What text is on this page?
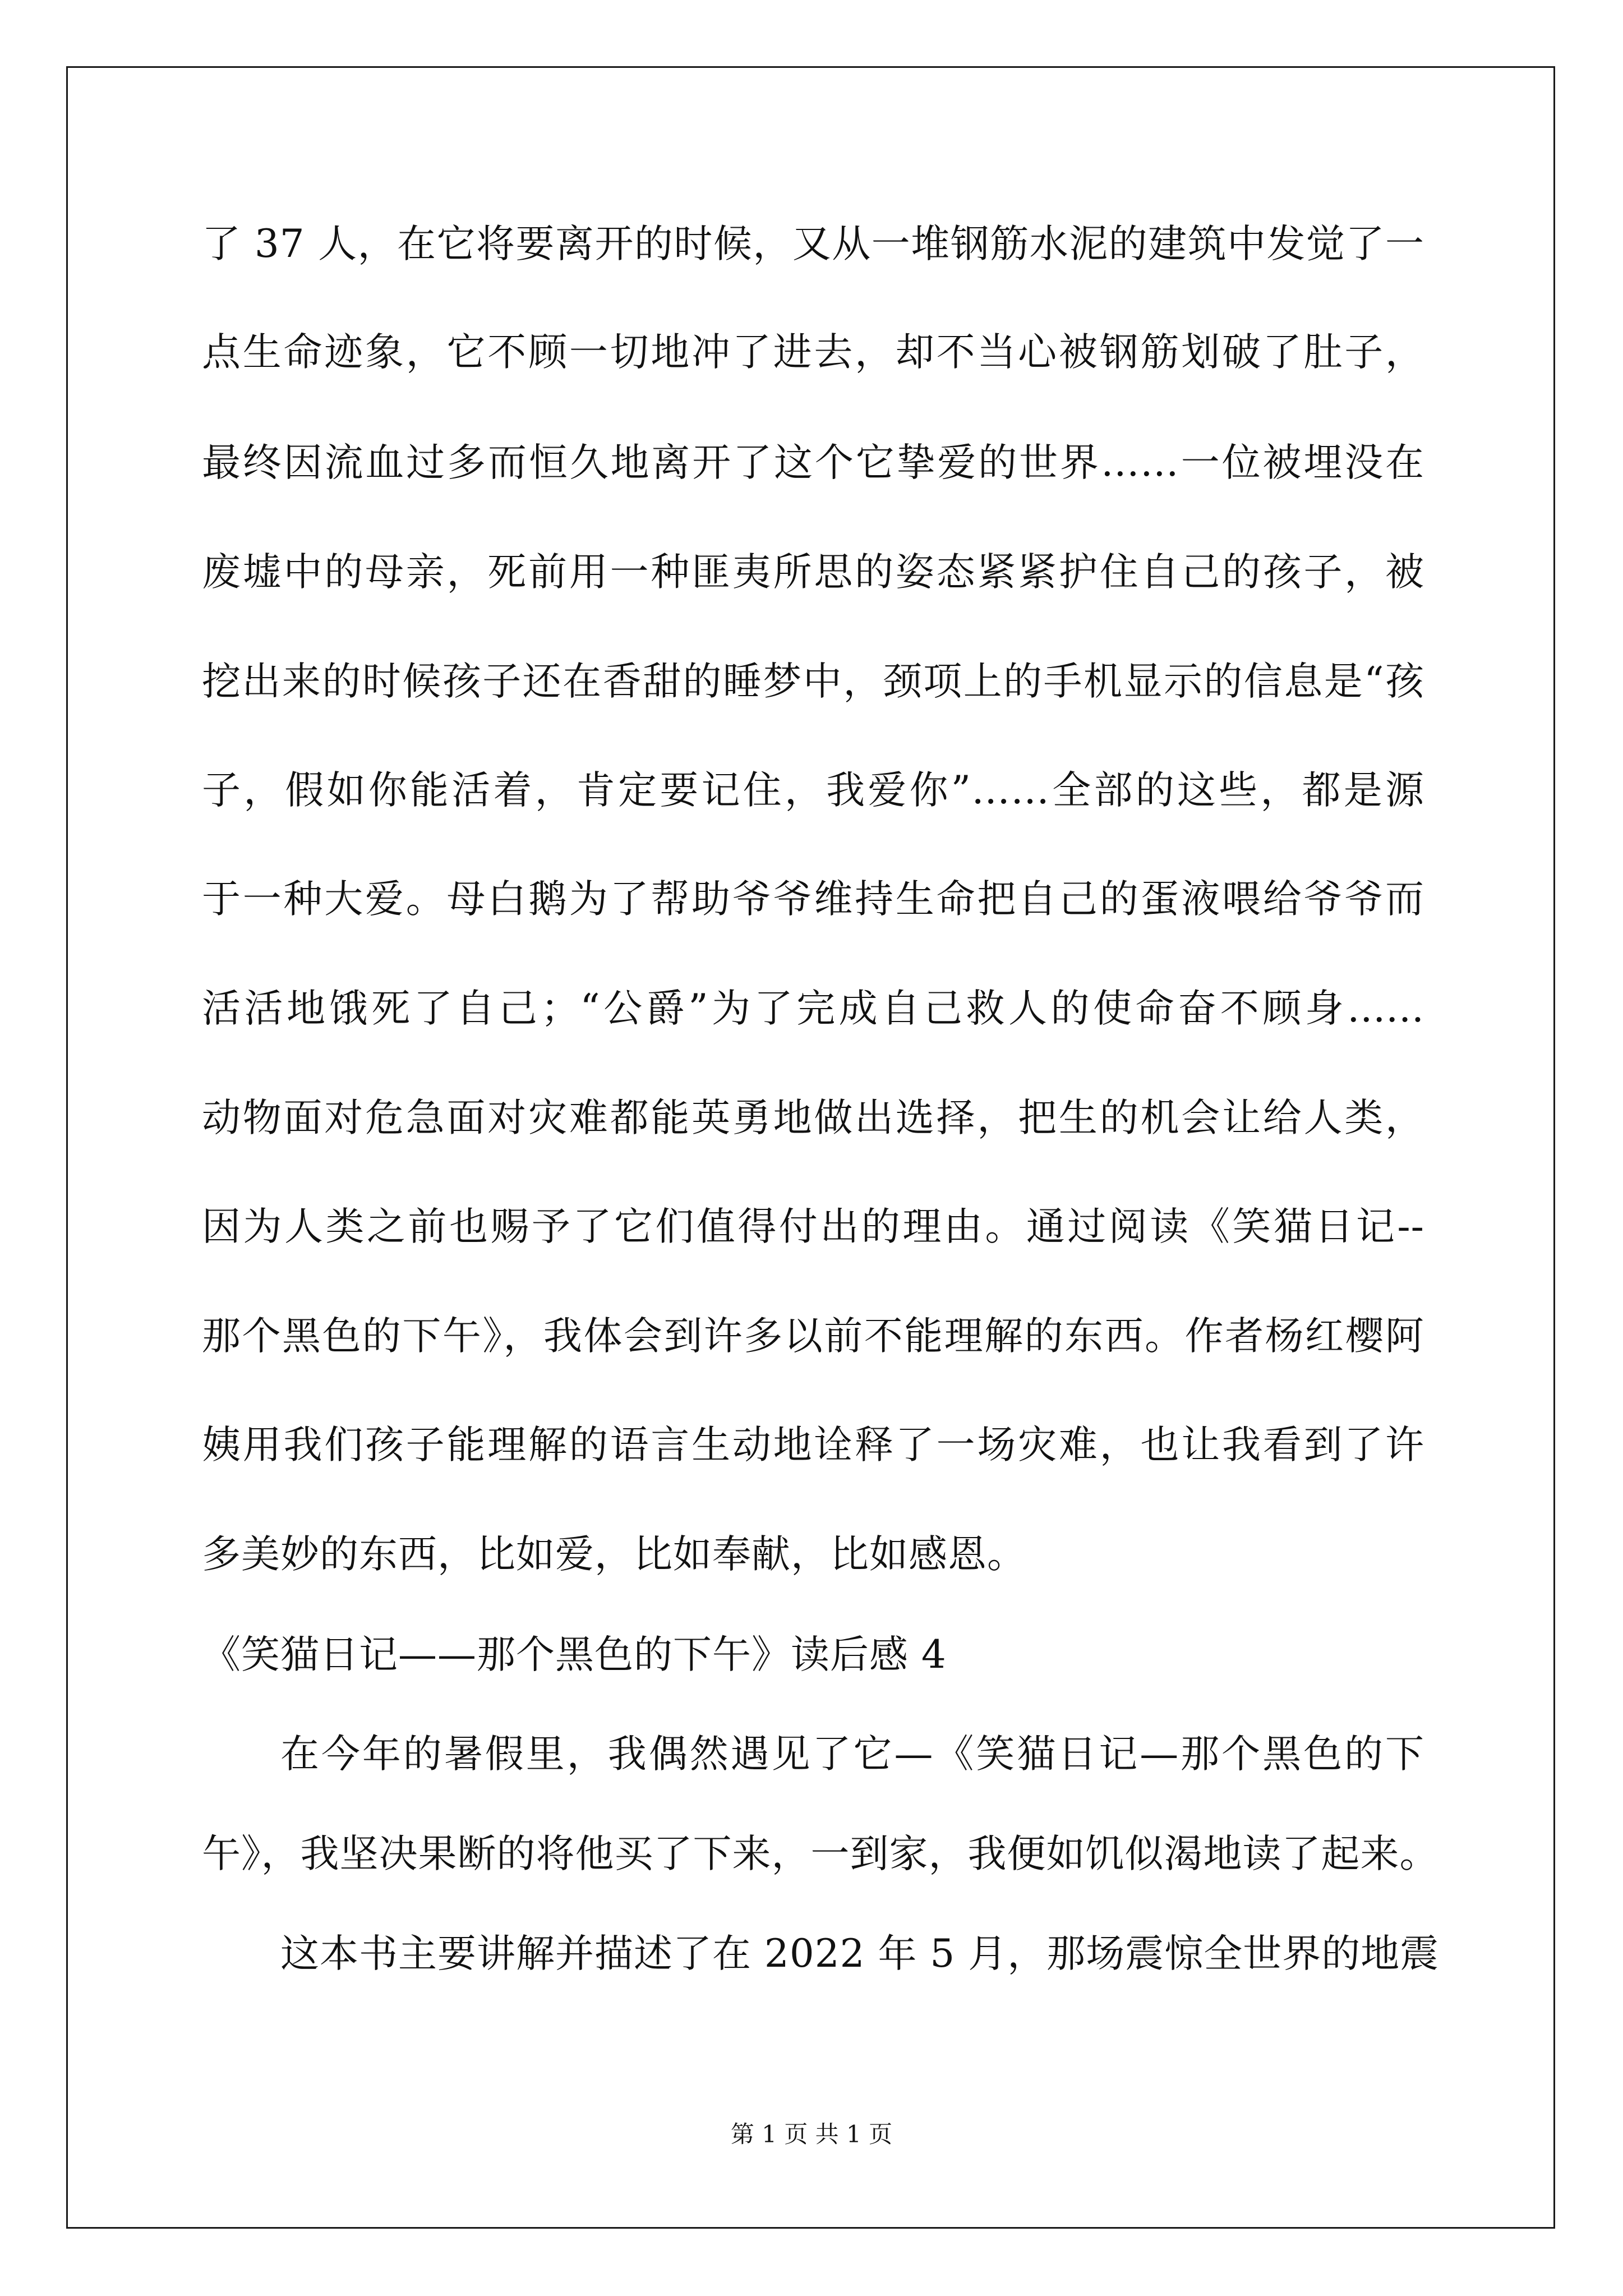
了 37 人，在它将要离开的时候，又从一堆钢筋水泥的建筑中发觉了一

点生命迹象，它不顾一切地冲了进去，却不当心被钢筋划破了肚子，

最终因流血过多而恒久地离开了这个它挚爱的世界……一位被埋没在

废墟中的母亲，死前用一种匪夷所思的姿态紧紧护住自己的孩子，被

挖出来的时候孩子还在香甜的睡梦中，颈项上的手机显示的信息是“孩

子，假如你能活着，肯定要记住，我爱你”……全部的这些，都是源

于一种大爱。母白鹅为了帮助爷爷维持生命把自己的蛋液喂给爷爷而

活活地饿死了自己；“公爵”为了完成自己救人的使命奋不顾身......

动物面对危急面对灾难都能英勇地做出选择，把生的机会让给人类，

因为人类之前也赐予了它们值得付出的理由。通过阅读《笑猫日记--

那个黑色的下午》，我体会到许多以前不能理解的东西。作者杨红樱阿

姨用我们孩子能理解的语言生动地诠释了一场灾难，也让我看到了许

多美妙的东西，比如爱，比如奉献，比如感恩。

《笑猫日记——那个黑色的下午》读后感 4

在今年的暑假里，我偶然遇见了它—《笑猫日记—那个黑色的下

午》，我坚决果断的将他买了下来，一到家，我便如饥似渴地读了起来。

这本书主要讲解并描述了在 2022 年 5 月，那场震惊全世界的地震

第 1 页 共 1 页
